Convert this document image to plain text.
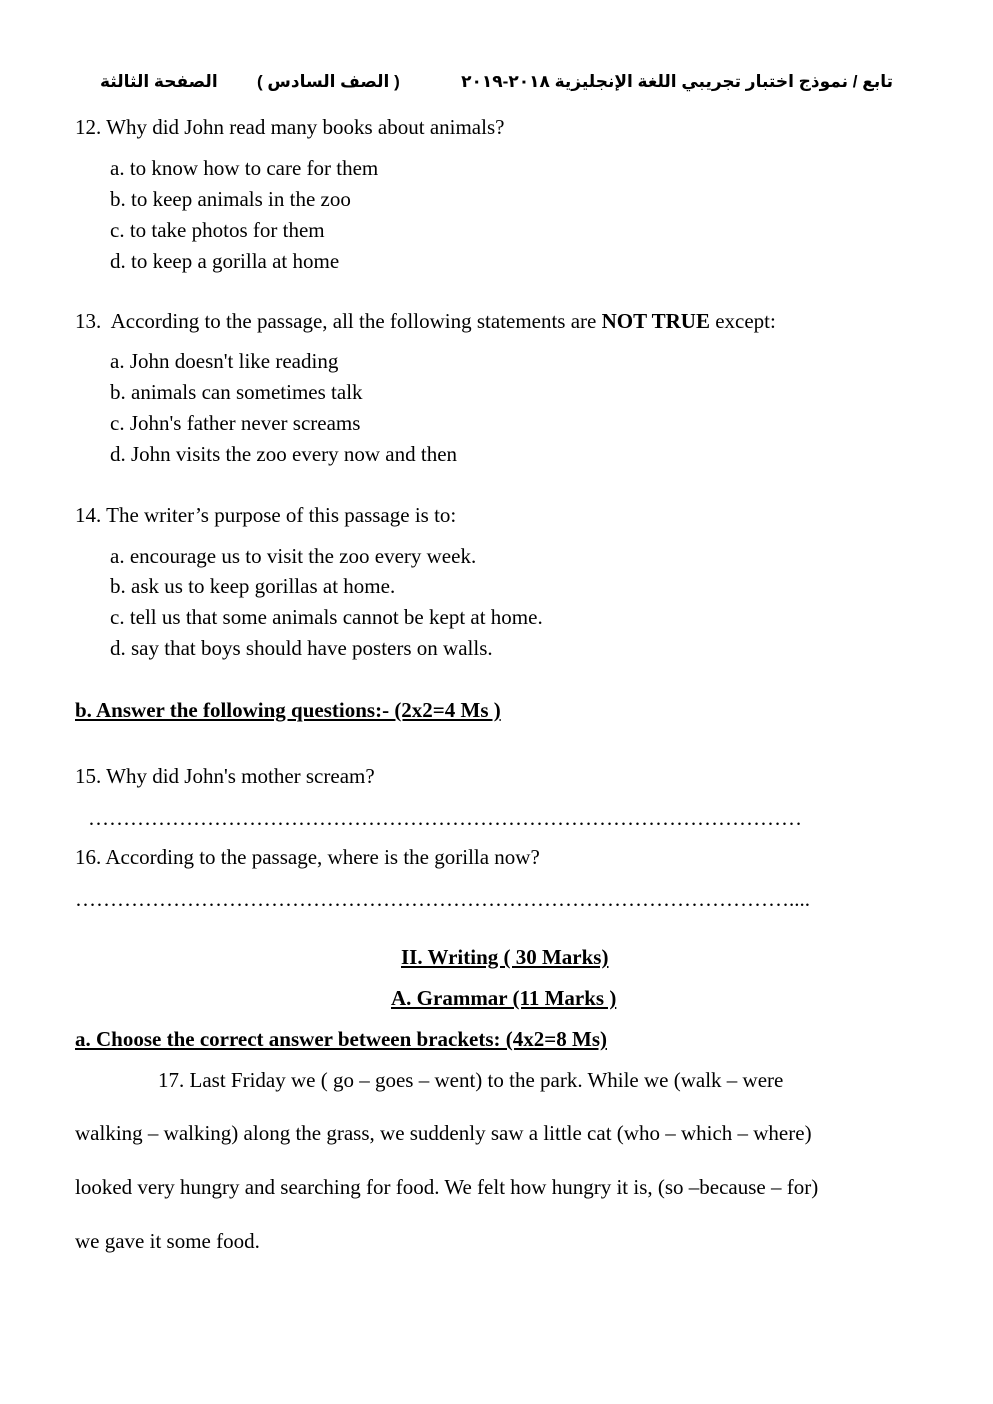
تابع / نموذج اختبار تجريبي اللغة الإنجليزية ٢٠١٨-٢٠١٩
( الصف السادس )
الصفحة الثالثة
12. Why did John read many books about animals?
a. to know how to care for them
b. to keep animals in the zoo
c. to take photos for them
d. to keep a gorilla at home
13.  According to the passage, all the following statements are NOT TRUE except:
a. John doesn't like reading
b. animals can sometimes talk
c. John's father never screams
d. John visits the zoo every now and then
14. The writer’s purpose of this passage is to:
a. encourage us to visit the zoo every week.
b. ask us to keep gorillas at home.
c. tell us that some animals cannot be kept at home.
d. say that boys should have posters on walls.
b. Answer the following questions:- (2x2=4 Ms )
15. Why did John's mother scream?
…………………………………………………………………………………………
16. According to the passage, where is the gorilla now?
…………………………………………………………………………………………....
II. Writing ( 30 Marks)
A. Grammar (11 Marks )
a. Choose the correct answer between brackets: (4x2=8 Ms)
17. Last Friday we ( go – goes – went) to the park. While we (walk – were
walking – walking) along the grass, we suddenly saw a little cat (who – which – where)
looked very hungry and searching for food. We felt how hungry it is, (so –because – for)
we gave it some food.
